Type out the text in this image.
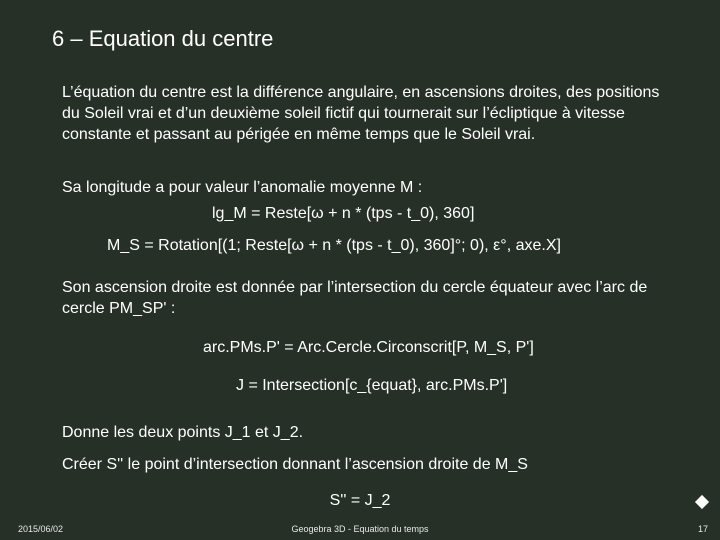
6 – Equation du centre
L’équation du centre est la différence angulaire, en ascensions droites, des positions du Soleil vrai et d’un deuxième soleil fictif qui tournerait sur l’écliptique à vitesse constante et passant au périgée en même temps que le Soleil vrai.
Sa longitude a pour valeur l’anomalie moyenne M :
lg_M = Reste[ω + n * (tps - t_0), 360]
M_S = Rotation[(1; Reste[ω + n * (tps - t_0), 360]°; 0), ε°, axe.X]
Son ascension droite est donnée par l’intersection du cercle équateur avec l’arc de cercle PM_SP' :
arc.PMs.P' = Arc.Cercle.Circonscrit[P, M_S, P']
J = Intersection[c_{equat}, arc.PMs.P']
Donne les deux points J_1 et J_2.
Créer S'' le point d’intersection donnant l’ascension droite de M_S
S'' = J_2
2015/06/02	Geogebra 3D - Equation du temps	17
